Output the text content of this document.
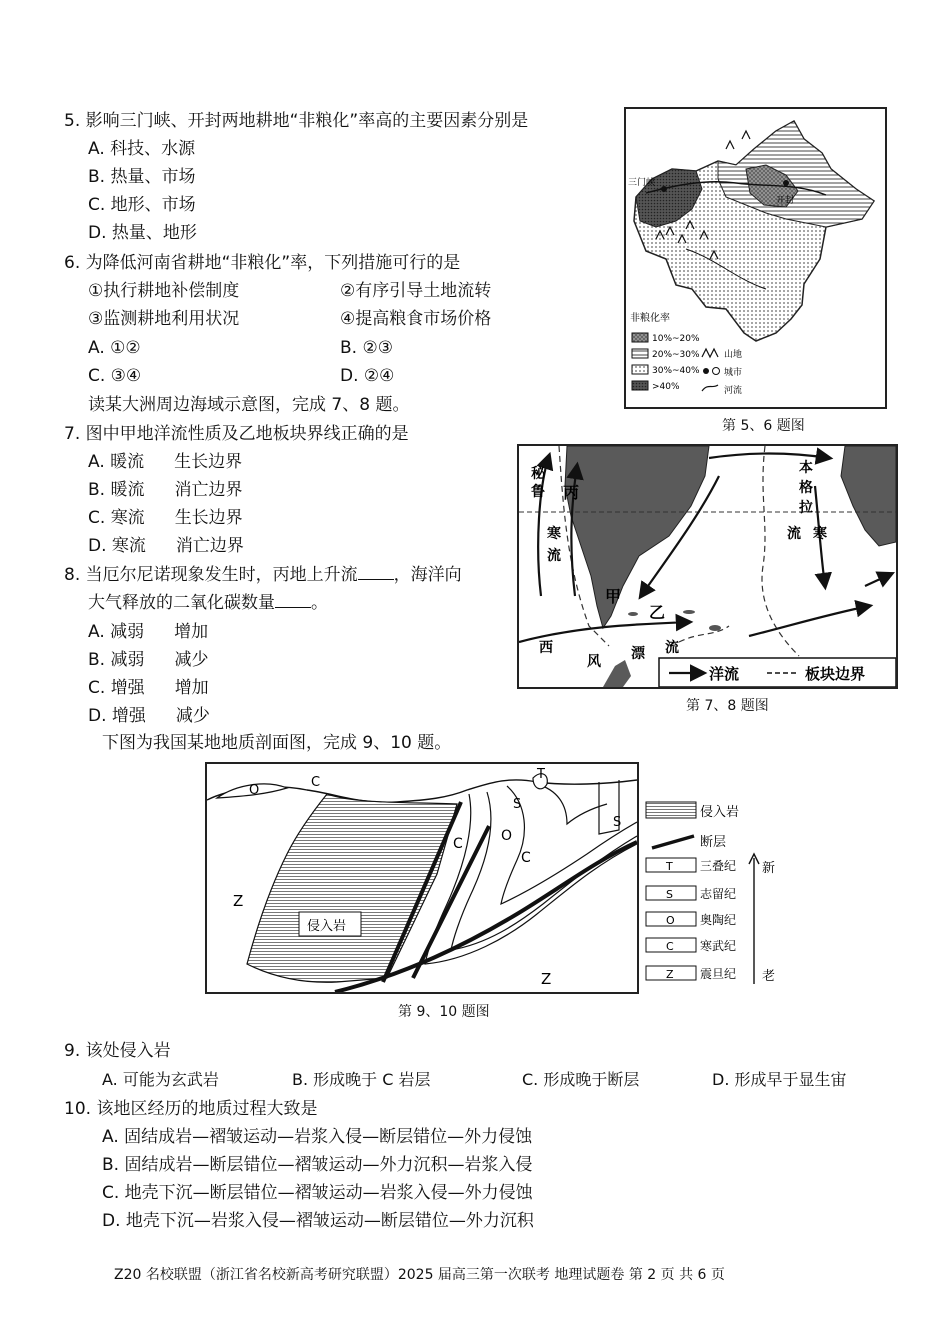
5. 影响三门峡、开封两地耕地“非粮化”率高的主要因素分别是
A. 科技、水源
B. 热量、市场
C. 地形、市场
D. 热量、地形
6. 为降低河南省耕地“非粮化”率，下列措施可行的是
①执行耕地补偿制度	②有序引导土地流转
③监测耕地利用状况	④提高粮食市场价格
A. ①②	B. ②③
C. ③④	D. ②④
读某大洲周边海域示意图，完成 7、8 题。
7. 图中甲地洋流性质及乙地板块界线正确的是
A. 暖流 生长边界
B. 暖流 消亡边界
C. 寒流 生长边界
D. 寒流 消亡边界
8. 当厄尔尼诺现象发生时，丙地上升流 ，海洋向
大气释放的二氧化碳数量 。
A. 减弱 增加
B. 减弱 减少
C. 增强 增加
D. 增强 减少
下图为我国某地地质剖面图，完成 9、10 题。
三门峡
开封
非粮化率
10%~20%
20%~30%
30%~40%
>40%
山地
城市
河流
第 5、6 题图
秘
鲁
寒
流
丙
甲
乙
本
格
拉
流 寒
西
风 漂 流
洋流	板块边界
第 7、8 题图
Z
Z
侵入岩
O
C
T
S
S
C	O
C
侵入岩
断层
T 三叠纪
S 志留纪
O 奥陶纪
C 寒武纪
Z 震旦纪
新
老
第 9、10 题图
9. 该处侵入岩
A. 可能为玄武岩	B. 形成晚于 C 岩层	C. 形成晚于断层	D. 形成早于显生宙
10. 该地区经历的地质过程大致是
A. 固结成岩—褶皱运动—岩浆入侵—断层错位—外力侵蚀
B. 固结成岩—断层错位—褶皱运动—外力沉积—岩浆入侵
C. 地壳下沉—断层错位—褶皱运动—岩浆入侵—外力侵蚀
D. 地壳下沉—岩浆入侵—褶皱运动—断层错位—外力沉积
Z20 名校联盟（浙江省名校新高考研究联盟）2025 届高三第一次联考 地理试题卷 第 2 页 共 6 页
